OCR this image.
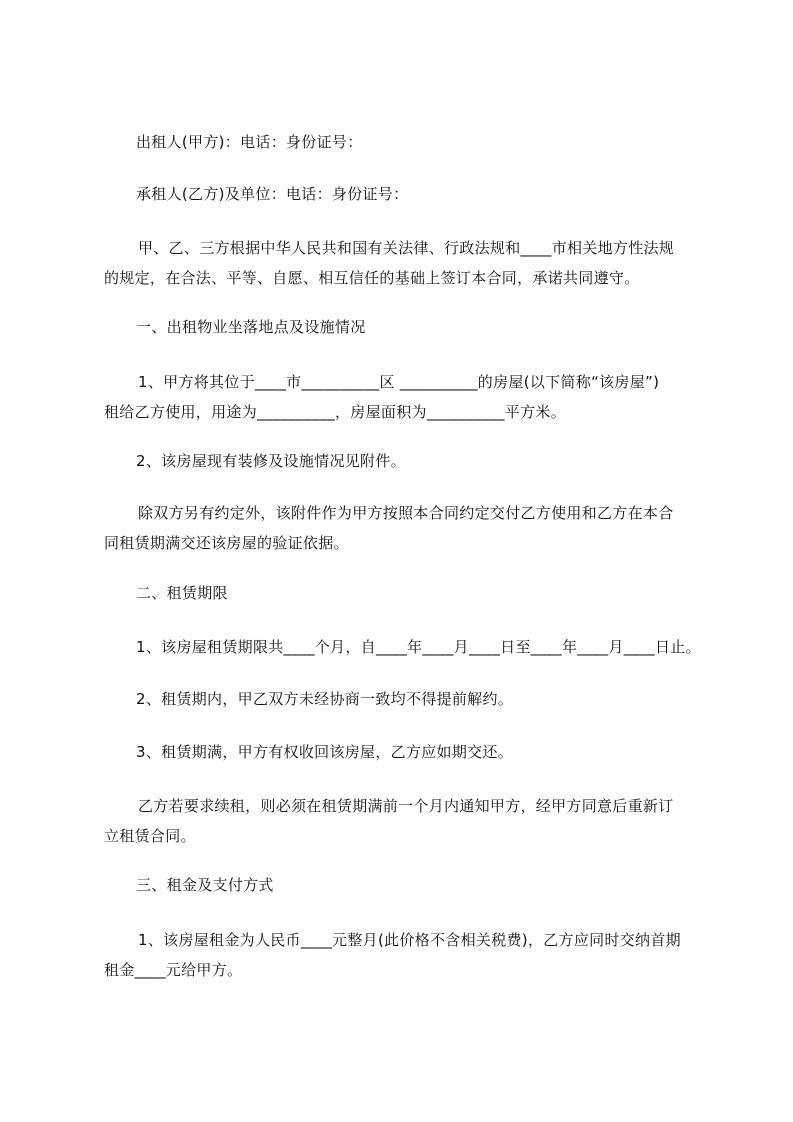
出租人(甲方)：电话：身份证号：
承租人(乙方)及单位：电话：身份证号：
甲、乙、三方根据中华人民共和国有关法律、行政法规和____市相关地方性法规
的规定，在合法、平等、自愿、相互信任的基础上签订本合同，承诺共同遵守。
一、出租物业坐落地点及设施情况
1、甲方将其位于____市__________区 __________的房屋(以下简称“该房屋”)
租给乙方使用，用途为__________，房屋面积为__________平方米。
2、该房屋现有装修及设施情况见附件。
除双方另有约定外，该附件作为甲方按照本合同约定交付乙方使用和乙方在本合
同租赁期满交还该房屋的验证依据。
二、租赁期限
1、该房屋租赁期限共____个月，自____年____月____日至____年____月____日止。
2、租赁期内，甲乙双方未经协商一致均不得提前解约。
3、租赁期满，甲方有权收回该房屋，乙方应如期交还。
乙方若要求续租，则必须在租赁期满前一个月内通知甲方，经甲方同意后重新订
立租赁合同。
三、租金及支付方式
1、该房屋租金为人民币____元整月(此价格不含相关税费)，乙方应同时交纳首期
租金____元给甲方。
